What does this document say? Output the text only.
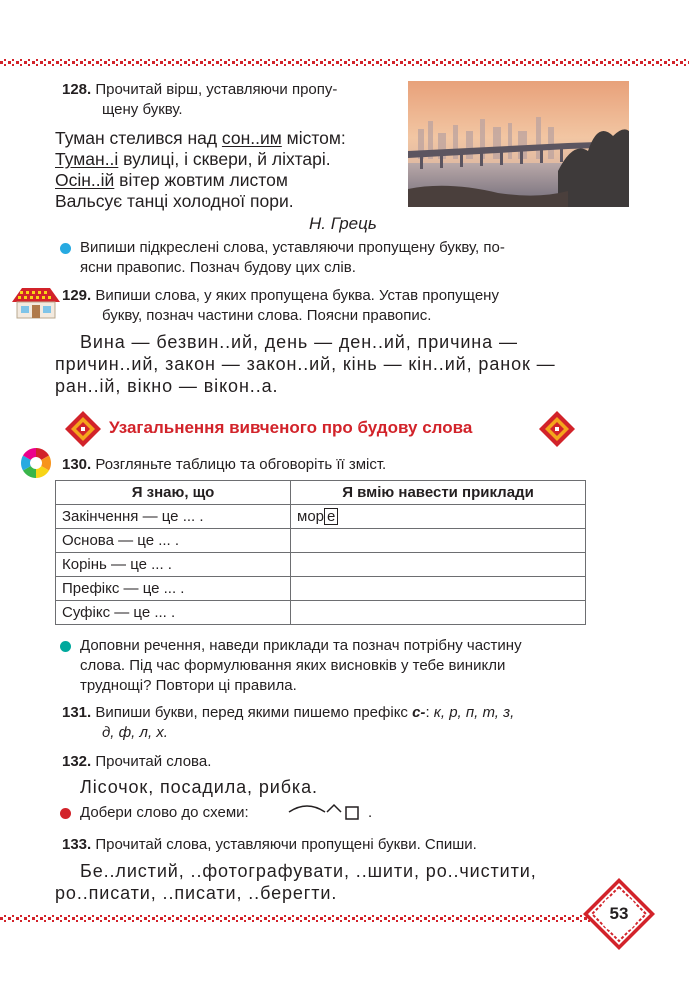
128. Прочитай вірш, уставляючи пропу-
щену букву.
Туман стелився над сон..им містом:
Туман..і вулиці, і сквери, й ліхтарі.
Осін..ій вітер жовтим листом
Вальсує танці холодної пори.
Н. Грець
Випиши підкреслені слова, уставляючи пропущену букву, по-
ясни правопис. Познач будову цих слів.
129. Випиши слова, у яких пропущена буква. Устав пропущену
букву, познач частини слова. Поясни правопис.
Вина — безвин..ий, день — ден..ий, причина —
причин..ий, закон — закон..ий, кінь — кін..ий, ранок —
ран..ій, вікно — вікон..а.
Узагальнення вивченого про будову слова
130. Розгляньте таблицю та обговоріть її зміст.
Я знаю, що	Я вмію навести приклади
Закінчення — це ... .	мор е
Основа — це ... .	
Корінь — це ... .	
Префікс — це ... .	
Суфікс — це ... .	
Доповни речення, наведи приклади та познач потрібну частину
слова. Під час формулювання яких висновків у тебе виникли
труднощі? Повтори ці правила.
131. Випиши букви, перед якими пишемо префікс с-: к, р, п, т, з,
д, ф, л, х.
132. Прочитай слова.
Лісочок, посадила, рибка.
Добери слово до схеми:	.
133. Прочитай слова, уставляючи пропущені букви. Спиши.
Бе..листий, ..фотографувати, ..шити, ро..чистити,
ро..писати, ..писати, ..берегти.
53
